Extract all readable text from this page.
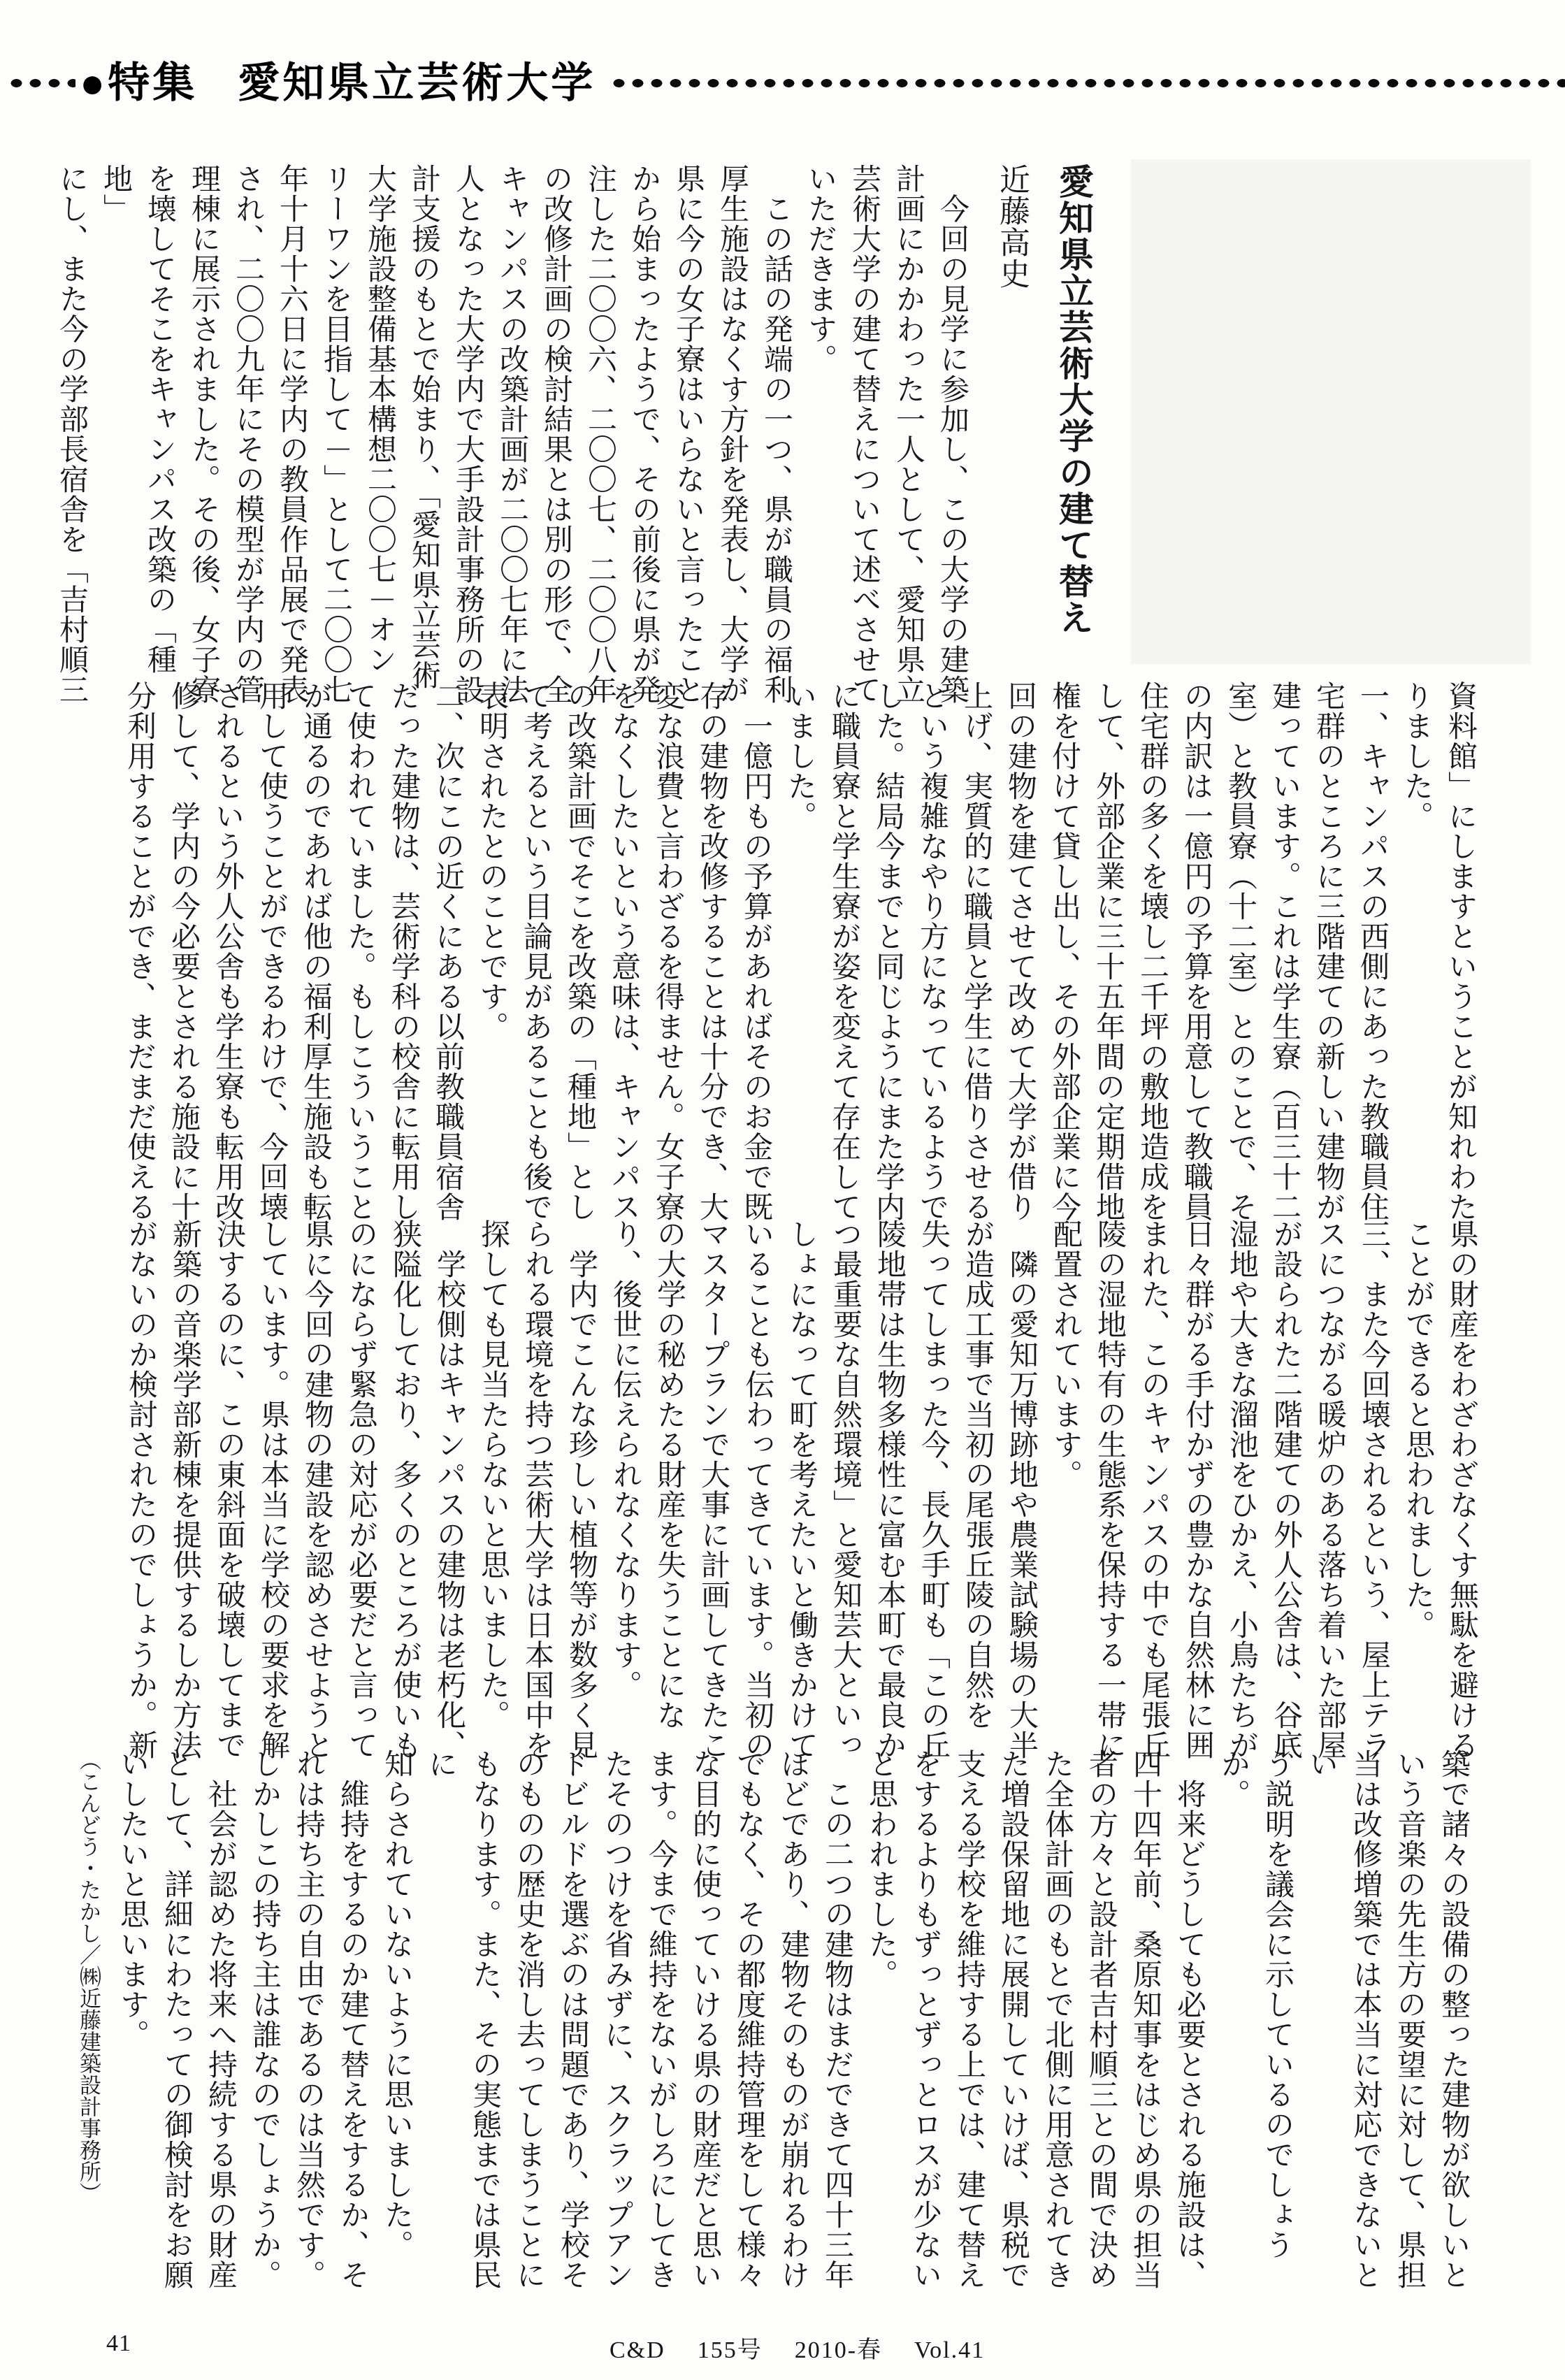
●特集 愛知県立芸術大学

愛知県立芸術大学の建て替え

近藤高史

　今回の見学に参加し、この大学の建築

計画にかかわった一人として、愛知県立

芸術大学の建て替えについて述べさせて

いただきます。

　この話の発端の一つ、県が職員の福利

厚生施設はなくす方針を発表し、大学が

県に今の女子寮はいらないと言ったこと

から始まったようで、その前後に県が発

注した二〇〇六、二〇〇七、二〇〇八年

の改修計画の検討結果とは別の形で、全

キャンパスの改築計画が二〇〇七年に法

人となった大学内で大手設計事務所の設

計支援のもとで始まり、「愛知県立芸術

大学施設整備基本構想二〇〇七－オン

リーワンを目指して－」として二〇〇七

年十月十六日に学内の教員作品展で発表

され、二〇〇九年にその模型が学内の管

理棟に展示されました。その後、女子寮

を壊してそこをキャンパス改築の「種地」

にし、また今の学部長宿舎を「吉村順三

資料館」にしますということが知れわた

りました。

一、キャンパスの西側にあった教職員住

宅群のところに三階建ての新しい建物が

建っています。これは学生寮（百三十二

室）と教員寮（十二室）とのことで、そ

の内訳は一億円の予算を用意して教職員

住宅群の多くを壊し二千坪の敷地造成を

して、外部企業に三十五年間の定期借地

権を付けて貸し出し、その外部企業に今

回の建物を建てさせて改めて大学が借り

上げ、実質的に職員と学生に借りさせる

という複雑なやり方になっているようで

した。結局今までと同じようにまた学内

に職員寮と学生寮が姿を変えて存在して

いました。

　一億円もの予算があればそのお金で既

存の建物を改修することは十分でき、大

変な浪費と言わざるを得ません。女子寮

をなくしたいという意味は、キャンパス

の改築計画でそこを改築の「種地」とし

て考えるという目論見があることも後で

表明されたとのことです。

二、次にこの近くにある以前教職員宿舎

だった建物は、芸術学科の校舎に転用し

て使われていました。もしこういうこと

が通るのであれば他の福利厚生施設も転

用して使うことができるわけで、今回壊

されるという外人公舎も学生寮も転用改

修して、学内の今必要とされる施設に十

分利用することができ、まだまだ使える

県の財産をわざわざなくす無駄を避ける

ことができると思われました。

三、また今回壊されるという、屋上テラ

スにつながる暖炉のある落ち着いた部屋

が設られた二階建ての外人公舎は、谷底

湿地や大きな溜池をひかえ、小鳥たちが

日々群がる手付かずの豊かな自然林に囲

まれた、このキャンパスの中でも尾張丘

陵の湿地特有の生態系を保持する一帯に

配置されています。

　隣の愛知万博跡地や農業試験場の大半

が造成工事で当初の尾張丘陵の自然を

失ってしまった今、長久手町も「この丘

陵地帯は生物多様性に富む本町で最良か

つ最重要な自然環境」と愛知芸大といっ

しょになって町を考えたいと働きかけて

いることも伝わってきています。当初の

マスタープランで大事に計画してきたこ

の大学の秘めたる財産を失うことにな

り、後世に伝えられなくなります。

　学内でこんな珍しい植物等が数多く見

られる環境を持つ芸術大学は日本国中を

探しても見当たらないと思いました。

　学校側はキャンパスの建物は老朽化、

狭隘化しており、多くのところが使いも

のにならず緊急の対応が必要だと言って

県に今回の建物の建設を認めさせようと

しています。県は本当に学校の要求を解

決するのに、この東斜面を破壊してまで

新築の音楽学部新棟を提供するしか方法

がないのか検討されたのでしょうか。新

築で諸々の設備の整った建物が欲しいと

いう音楽の先生方の要望に対して、県担

当は改修増築では本当に対応できないとい

う説明を議会に示しているのでしょうか。

　将来どうしても必要とされる施設は、

四十四年前、桑原知事をはじめ県の担当

者の方々と設計者吉村順三との間で決め

た全体計画のもとで北側に用意されてき

た増設保留地に展開していけば、県税で

支える学校を維持する上では、建て替え

をするよりもずっとずっとロスが少ない

と思われました。

　この二つの建物はまだできて四十三年

ほどであり、建物そのものが崩れるわけ

でもなく、その都度維持管理をして様々

な目的に使っていける県の財産だと思い

ます。今まで維持をないがしろにしてき

たそのつけを省みずに、スクラップアン

ドビルドを選ぶのは問題であり、学校そ

のものの歴史を消し去ってしまうことに

もなります。また、その実態までは県民に

知らされていないように思いました。

　維持をするのか建て替えをするか、そ

れは持ち主の自由であるのは当然です。

しかしこの持ち主は誰なのでしょうか。

　社会が認めた将来へ持続する県の財産

として、詳細にわたっての御検討をお願

いしたいと思います。

（こんどう・たかし／㈱近藤建築設計事務所）

41	C&D 155号 2010-春 Vol.41
